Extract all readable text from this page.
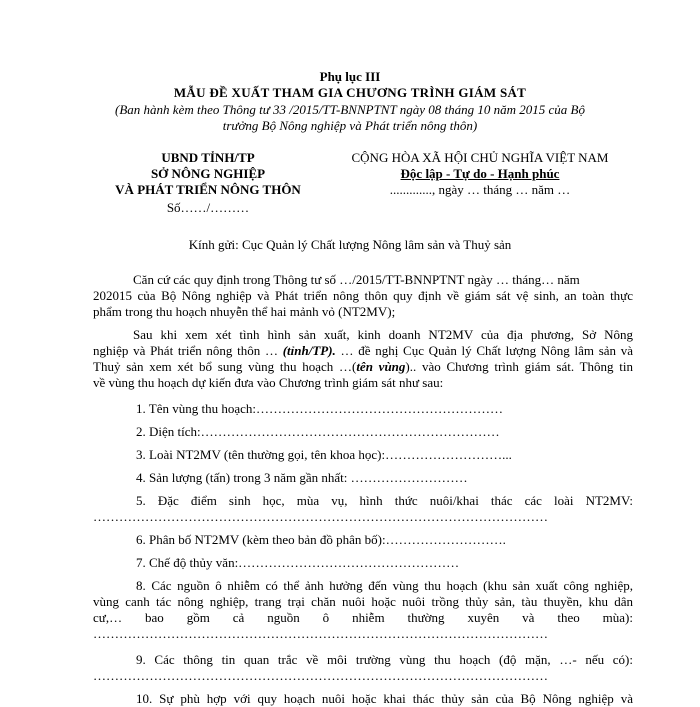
Phụ lục III
MẪU ĐỀ XUẤT THAM GIA CHƯƠNG TRÌNH GIÁM SÁT
(Ban hành kèm theo Thông tư 33 /2015/TT-BNNPTNT ngày 08 tháng 10 năm 2015 của Bộ
trưởng Bộ Nông nghiệp và Phát triển nông thôn)
UBND TỈNH/TP
SỞ NÔNG NGHIỆP
VÀ PHÁT TRIỂN NÔNG THÔN
Số……/………
CỘNG HÒA XÃ HỘI CHỦ NGHĨA VIỆT NAM
Độc lập - Tự do - Hạnh phúc
............., ngày … tháng … năm …
Kính gửi: Cục Quản lý Chất lượng Nông lâm sản và Thuỷ sản
Căn cứ các quy định trong Thông tư số …/2015/TT-BNNPTNT ngày … tháng… năm
202015 của Bộ Nông nghiệp và Phát triển nông thôn quy định về giám sát vệ sinh, an toàn thực
phẩm trong thu hoạch nhuyễn thể hai mảnh vỏ (NT2MV);
Sau khi xem xét tình hình sản xuất, kinh doanh NT2MV của địa phương, Sở Nông
nghiệp và Phát triển nông thôn … (tỉnh/TP). … đề nghị Cục Quản lý Chất lượng Nông lâm sản và
Thuỷ sản xem xét bổ sung vùng thu hoạch …(tên vùng).. vào Chương trình giám sát. Thông tin
về vùng thu hoạch dự kiến đưa vào Chương trình giám sát như sau:
1. Tên vùng thu hoạch:…………………………………………………
2. Diện tích:……………………………………………………………
3. Loài NT2MV (tên thường gọi, tên khoa học):………………………...
4. Sản lượng (tấn) trong 3 năm gần nhất: ………………………
5. Đặc điểm sinh học, mùa vụ, hình thức nuôi/khai thác các loài NT2MV:
……………………………………………………………………………………………
6. Phân bố NT2MV (kèm theo bản đồ phân bố):……………………….
7. Chế độ thủy văn:……………………………………………
8. Các nguồn ô nhiễm có thể ảnh hưởng đến vùng thu hoạch (khu sản xuất công nghiệp,
vùng canh tác nông nghiệp, trang trại chăn nuôi hoặc nuôi trồng thủy sản, tàu thuyền, khu dân
cư,… bao gồm cả nguồn ô nhiễm thường xuyên và theo mùa):
……………………………………………………………………………………………
9. Các thông tin quan trắc về môi trường vùng thu hoạch (độ mặn, …- nếu có):
……………………………………………………………………………………………
10. Sự phù hợp với quy hoạch nuôi hoặc khai thác thủy sản của Bộ Nông nghiệp và
